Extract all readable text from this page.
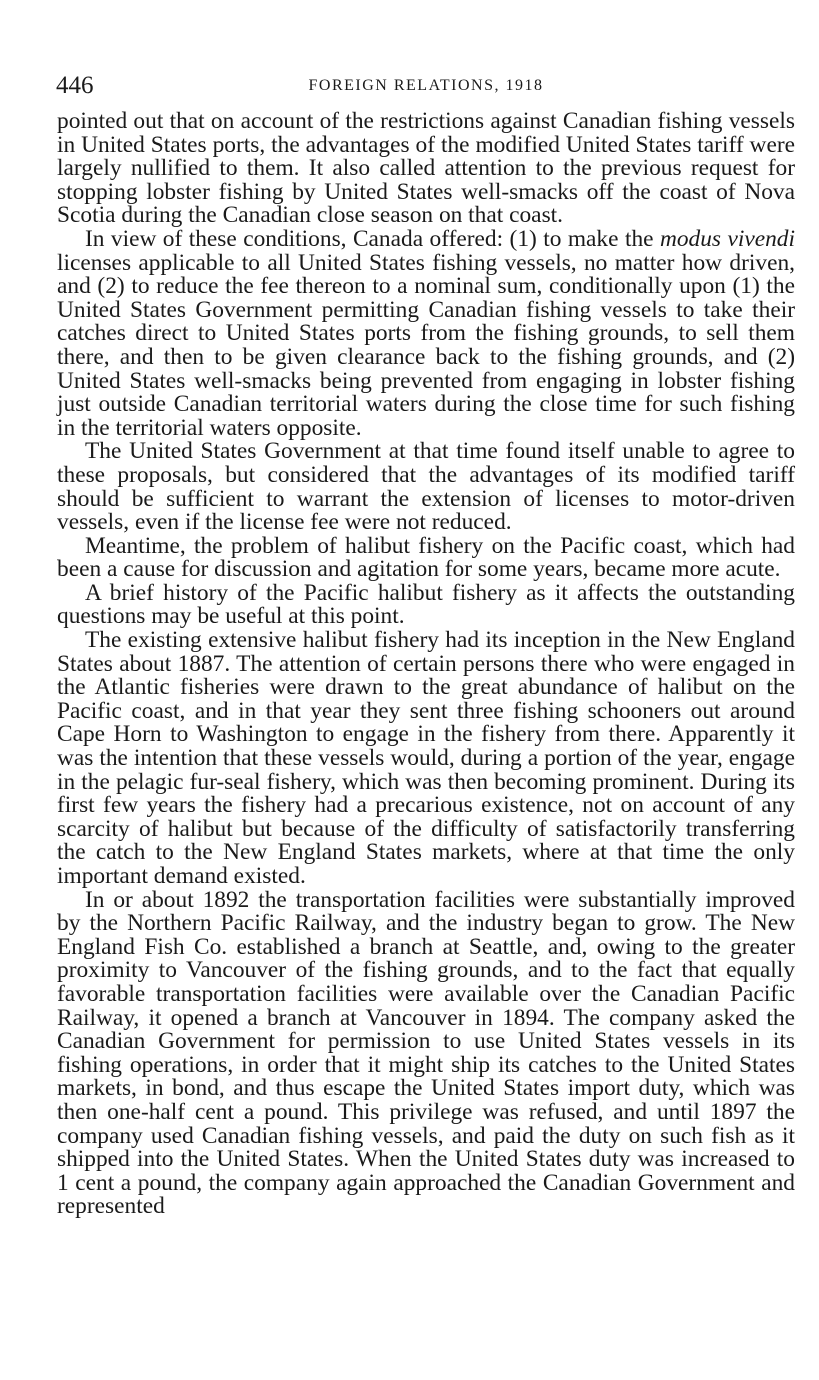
446	FOREIGN RELATIONS, 1918

pointed out that on account of the restrictions against Canadian fishing vessels in United States ports, the advantages of the modified United States tariff were largely nullified to them. It also called attention to the previous request for stopping lobster fishing by United States well-smacks off the coast of Nova Scotia during the Canadian close season on that coast.

In view of these conditions, Canada offered: (1) to make the modus vivendi licenses applicable to all United States fishing vessels, no matter how driven, and (2) to reduce the fee thereon to a nominal sum, conditionally upon (1) the United States Government permitting Canadian fishing vessels to take their catches direct to United States ports from the fishing grounds, to sell them there, and then to be given clearance back to the fishing grounds, and (2) United States well-smacks being prevented from engaging in lobster fishing just outside Canadian territorial waters during the close time for such fishing in the territorial waters opposite.

The United States Government at that time found itself unable to agree to these proposals, but considered that the advantages of its modified tariff should be sufficient to warrant the extension of licenses to motor-driven vessels, even if the license fee were not reduced.

Meantime, the problem of halibut fishery on the Pacific coast, which had been a cause for discussion and agitation for some years, became more acute.

A brief history of the Pacific halibut fishery as it affects the outstanding questions may be useful at this point.

The existing extensive halibut fishery had its inception in the New England States about 1887. The attention of certain persons there who were engaged in the Atlantic fisheries were drawn to the great abundance of halibut on the Pacific coast, and in that year they sent three fishing schooners out around Cape Horn to Washington to engage in the fishery from there. Apparently it was the intention that these vessels would, during a portion of the year, engage in the pelagic fur-seal fishery, which was then becoming prominent. During its first few years the fishery had a precarious existence, not on account of any scarcity of halibut but because of the difficulty of satisfactorily transferring the catch to the New England States markets, where at that time the only important demand existed.

In or about 1892 the transportation facilities were substantially improved by the Northern Pacific Railway, and the industry began to grow. The New England Fish Co. established a branch at Seattle, and, owing to the greater proximity to Vancouver of the fishing grounds, and to the fact that equally favorable transportation facilities were available over the Canadian Pacific Railway, it opened a branch at Vancouver in 1894. The company asked the Canadian Government for permission to use United States vessels in its fishing operations, in order that it might ship its catches to the United States markets, in bond, and thus escape the United States import duty, which was then one-half cent a pound. This privilege was refused, and until 1897 the company used Canadian fishing vessels, and paid the duty on such fish as it shipped into the United States. When the United States duty was increased to 1 cent a pound, the company again approached the Canadian Government and represented
